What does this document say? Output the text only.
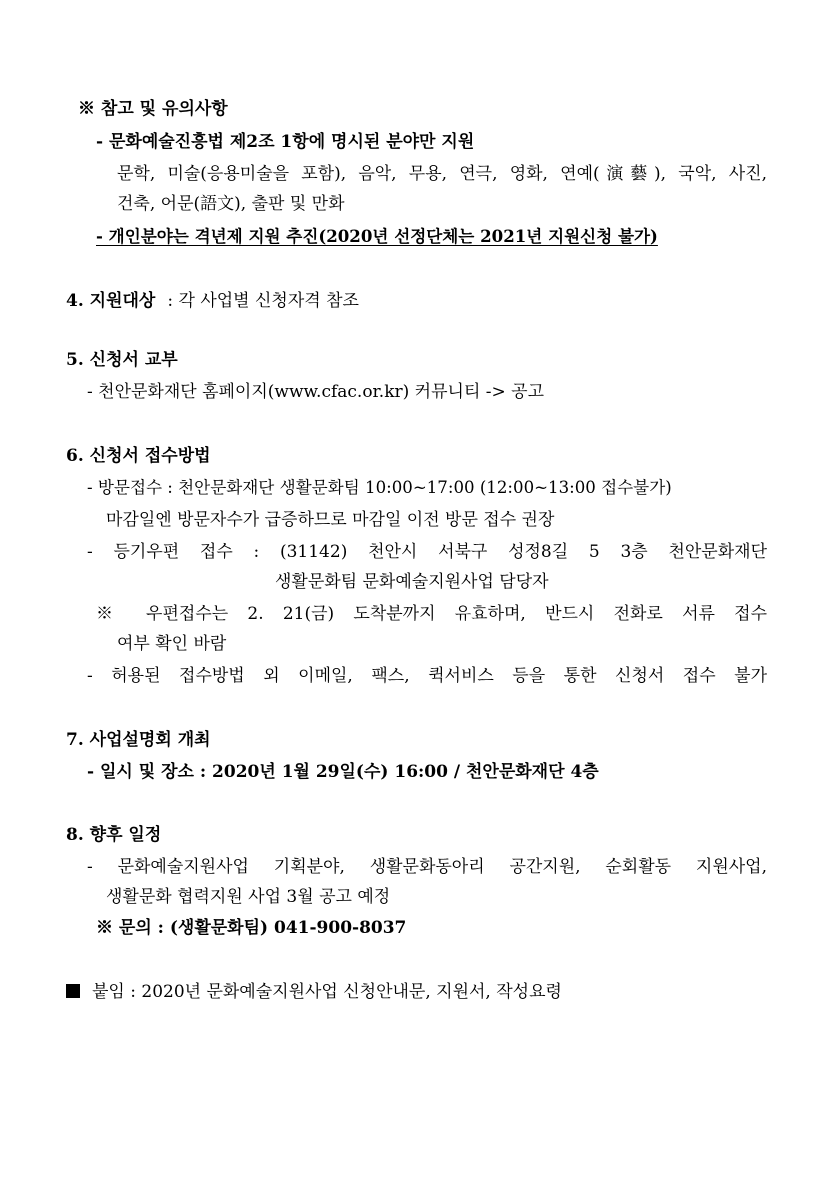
※ 참고 및 유의사항
- 문화예술진흥법 제2조 1항에 명시된 분야만 지원
문학, 미술(응용미술을 포함), 음악, 무용, 연극, 영화, 연예(演藝), 국악, 사진,
건축, 어문(語文), 출판 및 만화
- 개인분야는 격년제 지원 추진(2020년 선정단체는 2021년 지원신청 불가)
4. 지원대상 : 각 사업별 신청자격 참조
5. 신청서 교부
- 천안문화재단 홈페이지(www.cfac.or.kr) 커뮤니티 -> 공고
6. 신청서 접수방법
- 방문접수 : 천안문화재단 생활문화팀 10:00~17:00 (12:00~13:00 접수불가)
마감일엔 방문자수가 급증하므로 마감일 이전 방문 접수 권장
- 등기우편 접수 : (31142) 천안시 서북구 성정8길 5 3층 천안문화재단
생활문화팀 문화예술지원사업 담당자
※ 우편접수는 2. 21(금) 도착분까지 유효하며, 반드시 전화로 서류 접수
여부 확인 바람
- 허용된 접수방법 외 이메일, 팩스, 퀵서비스 등을 통한 신청서 접수 불가
7. 사업설명회 개최
- 일시 및 장소 : 2020년 1월 29일(수) 16:00 / 천안문화재단 4층
8. 향후 일정
- 문화예술지원사업 기획분야, 생활문화동아리 공간지원, 순회활동 지원사업,
생활문화 협력지원 사업 3월 공고 예정
※ 문의 : (생활문화팀) 041-900-8037
붙임 : 2020년 문화예술지원사업 신청안내문, 지원서, 작성요령
